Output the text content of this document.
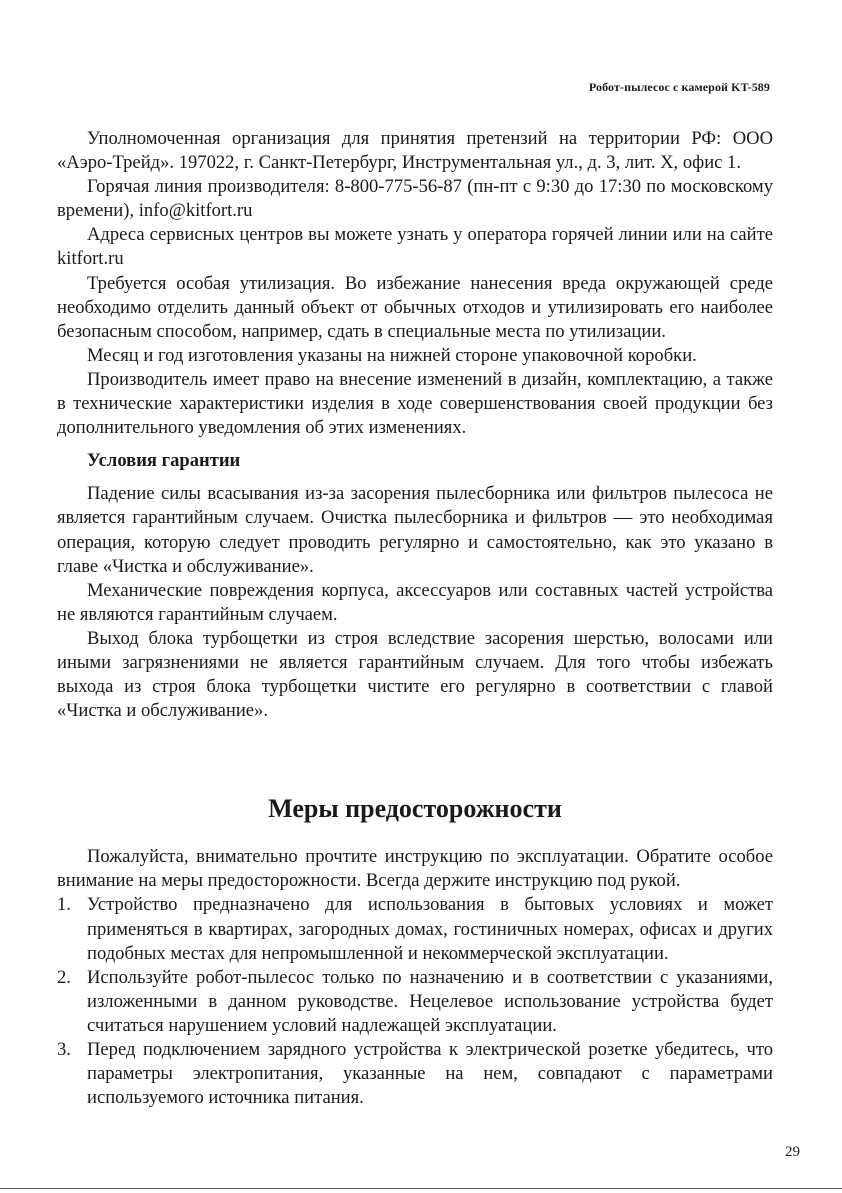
Робот-пылесос с камерой KT-589

Уполномоченная организация для принятия претензий на территории РФ: ООО «Аэро-Трейд». 197022, г. Санкт-Петербург, Инструментальная ул., д. 3, лит. Х, офис 1.

Горячая линия производителя: 8-800-775-56-87 (пн-пт с 9:30 до 17:30 по московскому времени), info@kitfort.ru

Адреса сервисных центров вы можете узнать у оператора горячей линии или на сайте kitfort.ru

Требуется особая утилизация. Во избежание нанесения вреда окружающей среде необходимо отделить данный объект от обычных отходов и утилизировать его наиболее безопасным способом, например, сдать в специальные места по утилизации.

Месяц и год изготовления указаны на нижней стороне упаковочной коробки.

Производитель имеет право на внесение изменений в дизайн, комплектацию, а также в технические характеристики изделия в ходе совершенствования своей продукции без дополнительного уведомления об этих изменениях.

Условия гарантии

Падение силы всасывания из-за засорения пылесборника или фильтров пылесоса не является гарантийным случаем. Очистка пылесборника и фильтров — это необходимая операция, которую следует проводить регулярно и самостоятельно, как это указано в главе «Чистка и обслуживание».

Механические повреждения корпуса, аксессуаров или составных частей устройства не являются гарантийным случаем.

Выход блока турбощетки из строя вследствие засорения шерстью, волосами или иными загрязнениями не является гарантийным случаем. Для того чтобы избежать выхода из строя блока турбощетки чистите его регулярно в соответствии с главой «Чистка и обслуживание».

Меры предосторожности

Пожалуйста, внимательно прочтите инструкцию по эксплуатации. Обратите особое внимание на меры предосторожности. Всегда держите инструкцию под рукой.

1. Устройство предназначено для использования в бытовых условиях и может применяться в квартирах, загородных домах, гостиничных номерах, офисах и других подобных местах для непромышленной и некоммерческой эксплуатации.
2. Используйте робот-пылесос только по назначению и в соответствии с указаниями, изложенными в данном руководстве. Нецелевое использование устройства будет считаться нарушением условий надлежащей эксплуатации.
3. Перед подключением зарядного устройства к электрической розетке убедитесь, что параметры электропитания, указанные на нем, совпадают с параметрами используемого источника питания.
29
